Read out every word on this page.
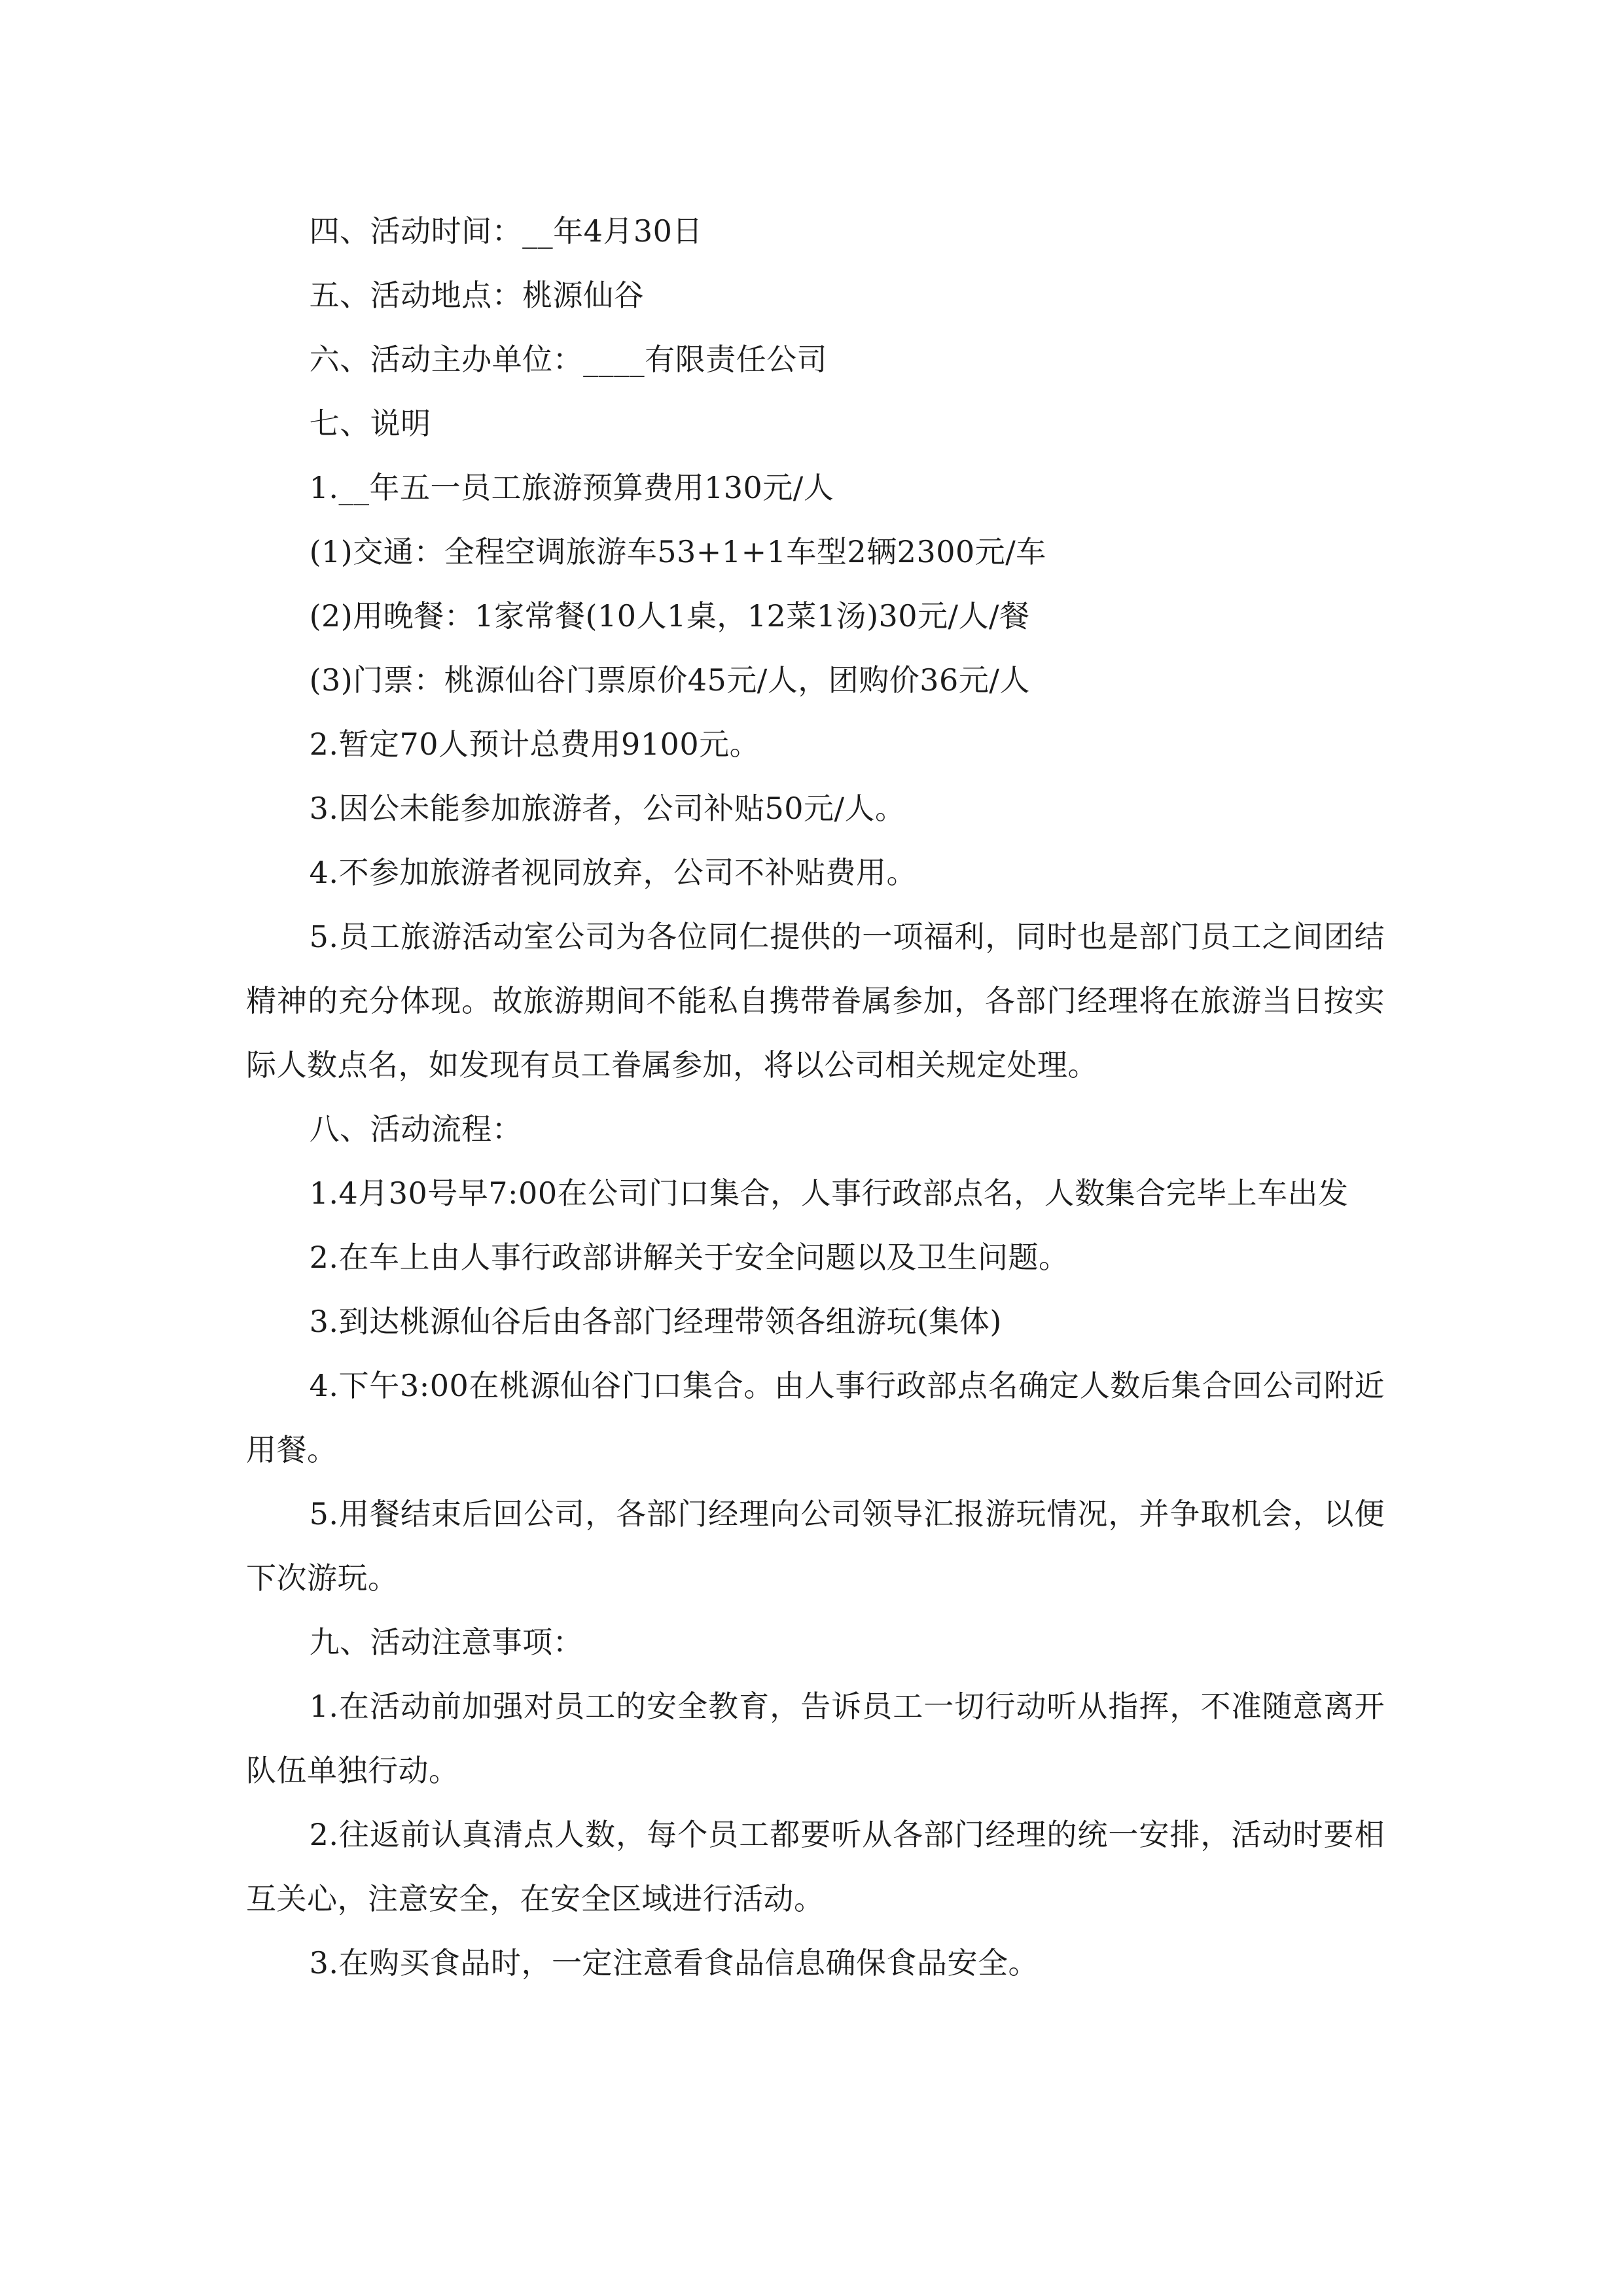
四、活动时间：__年4月30日

五、活动地点：桃源仙谷

六、活动主办单位：____有限责任公司

七、说明

1.__年五一员工旅游预算费用130元/人

(1)交通：全程空调旅游车53+1+1车型2辆2300元/车

(2)用晚餐：1家常餐(10人1桌，12菜1汤)30元/人/餐

(3)门票：桃源仙谷门票原价45元/人，团购价36元/人

2.暂定70人预计总费用9100元。

3.因公未能参加旅游者，公司补贴50元/人。

4.不参加旅游者视同放弃，公司不补贴费用。

5.员工旅游活动室公司为各位同仁提供的一项福利，同时也是部门员工之间团结精神的充分体现。故旅游期间不能私自携带眷属参加，各部门经理将在旅游当日按实际人数点名，如发现有员工眷属参加，将以公司相关规定处理。

八、活动流程：

1.4月30号早7:00在公司门口集合，人事行政部点名，人数集合完毕上车出发

2.在车上由人事行政部讲解关于安全问题以及卫生问题。

3.到达桃源仙谷后由各部门经理带领各组游玩(集体)

4.下午3:00在桃源仙谷门口集合。由人事行政部点名确定人数后集合回公司附近用餐。

5.用餐结束后回公司，各部门经理向公司领导汇报游玩情况，并争取机会，以便下次游玩。

九、活动注意事项：

1.在活动前加强对员工的安全教育，告诉员工一切行动听从指挥，不准随意离开队伍单独行动。

2.往返前认真清点人数，每个员工都要听从各部门经理的统一安排，活动时要相互关心，注意安全，在安全区域进行活动。

3.在购买食品时，一定注意看食品信息确保食品安全。
